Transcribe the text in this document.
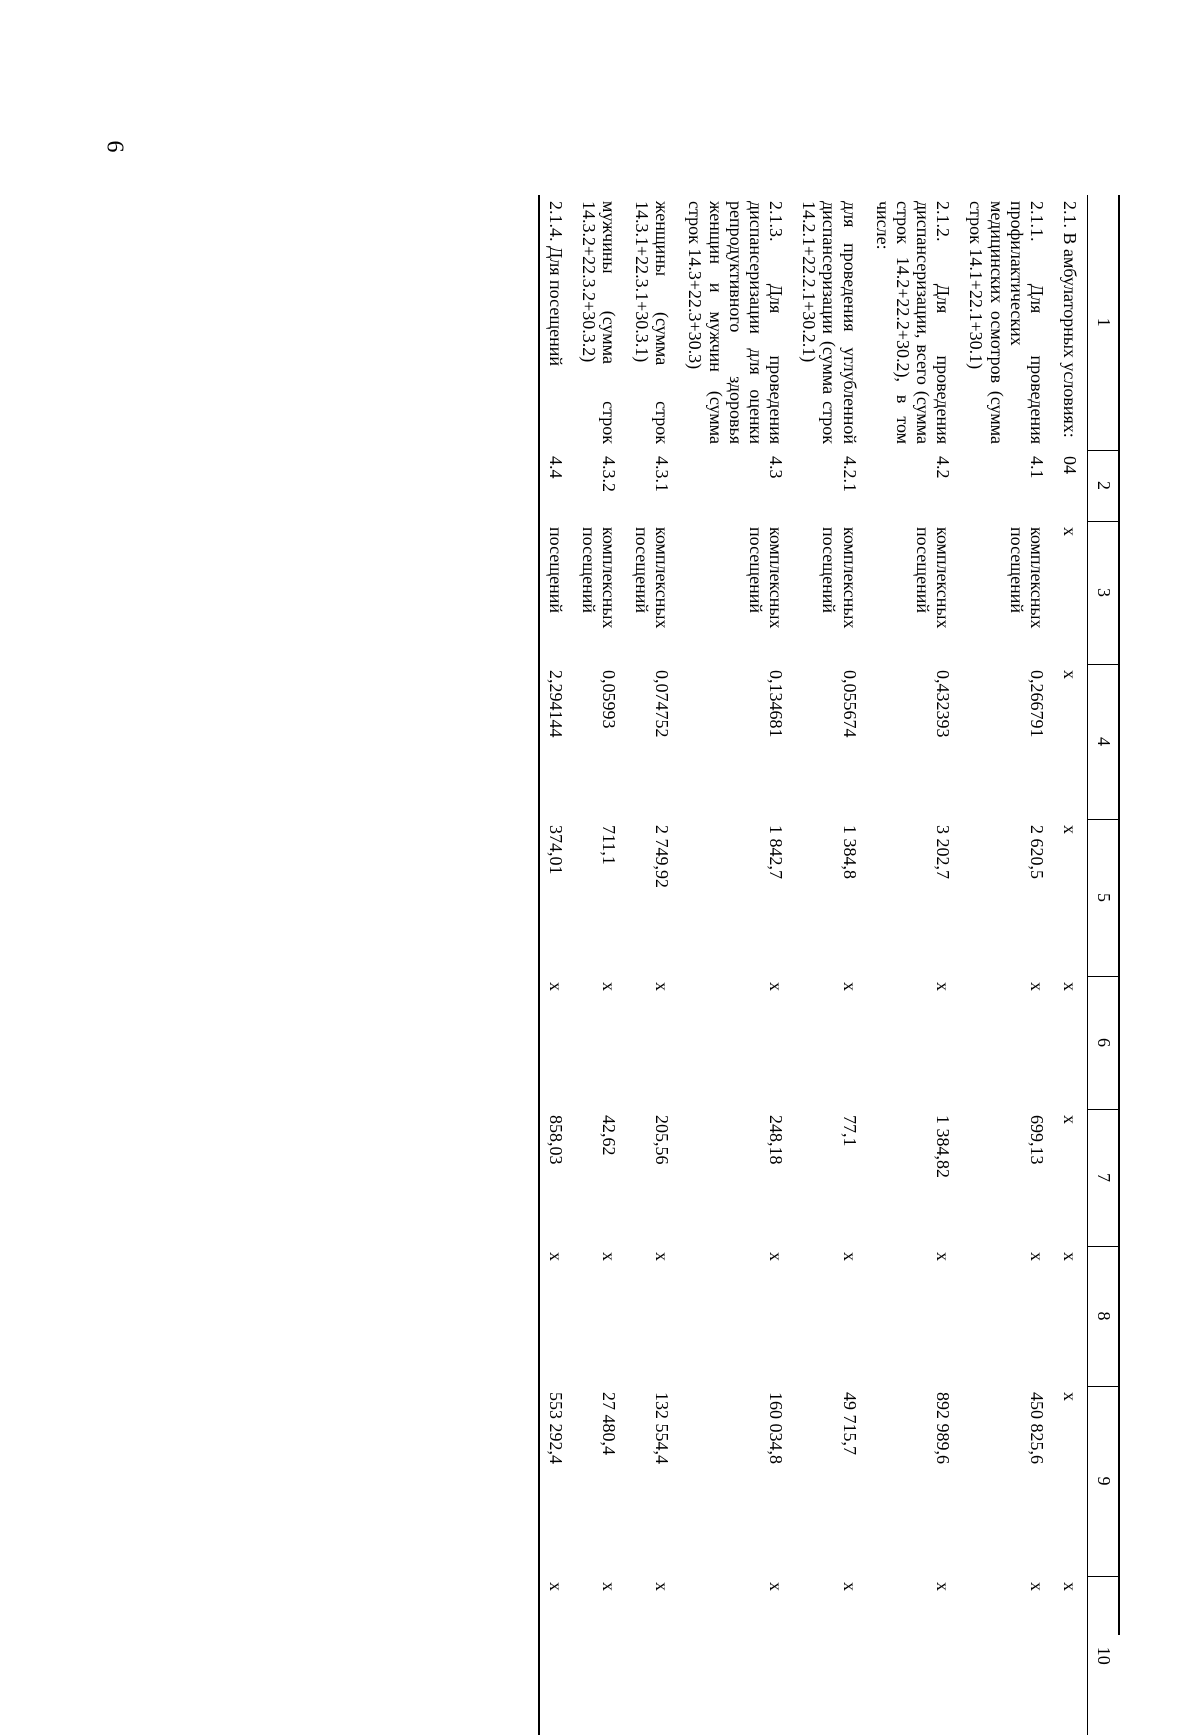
6
1	2	3	4	5	6	7	8	9	10
2.1. В амбулаторных условиях:	04	х	х	х	х	х	х	х	х
2.1.1. Для проведения профилактических медицинских осмотров (сумма строк 14.1+22.1+30.1)	4.1	комплексных посещений	0,266791	2 620,5	х	699,13	х	450 825,6	х
2.1.2. Для проведения диспансеризации, всего (сумма строк 14.2+22.2+30.2), в том числе:	4.2	комплексных посещений	0,432393	3 202,7	х	1 384,82	х	892 989,6	х
для проведения углубленной диспансеризации (сумма строк 14.2.1+22.2.1+30.2.1)	4.2.1	комплексных посещений	0,055674	1 384,8	х	77,1	х	49 715,7	х
2.1.3. Для проведения диспансеризации для оценки репродуктивного здоровья женщин и мужчин (сумма строк 14.3+22.3+30.3)	4.3	комплексных посещений	0,134681	1 842,7	х	248,18	х	160 034,8	х
женщины (сумма строк 14.3.1+22.3.1+30.3.1)	4.3.1	комплексных посещений	0,074752	2 749,92	х	205,56	х	132 554,4	х
мужчины (сумма строк 14.3.2+22.3.2+30.3.2)	4.3.2	комплексных посещений	0,05993	711,1	х	42,62	х	27 480,4	х
2.1.4. Для посещений	4.4	посещений	2,294144	374,01	х	858,03	х	553 292,4	х
